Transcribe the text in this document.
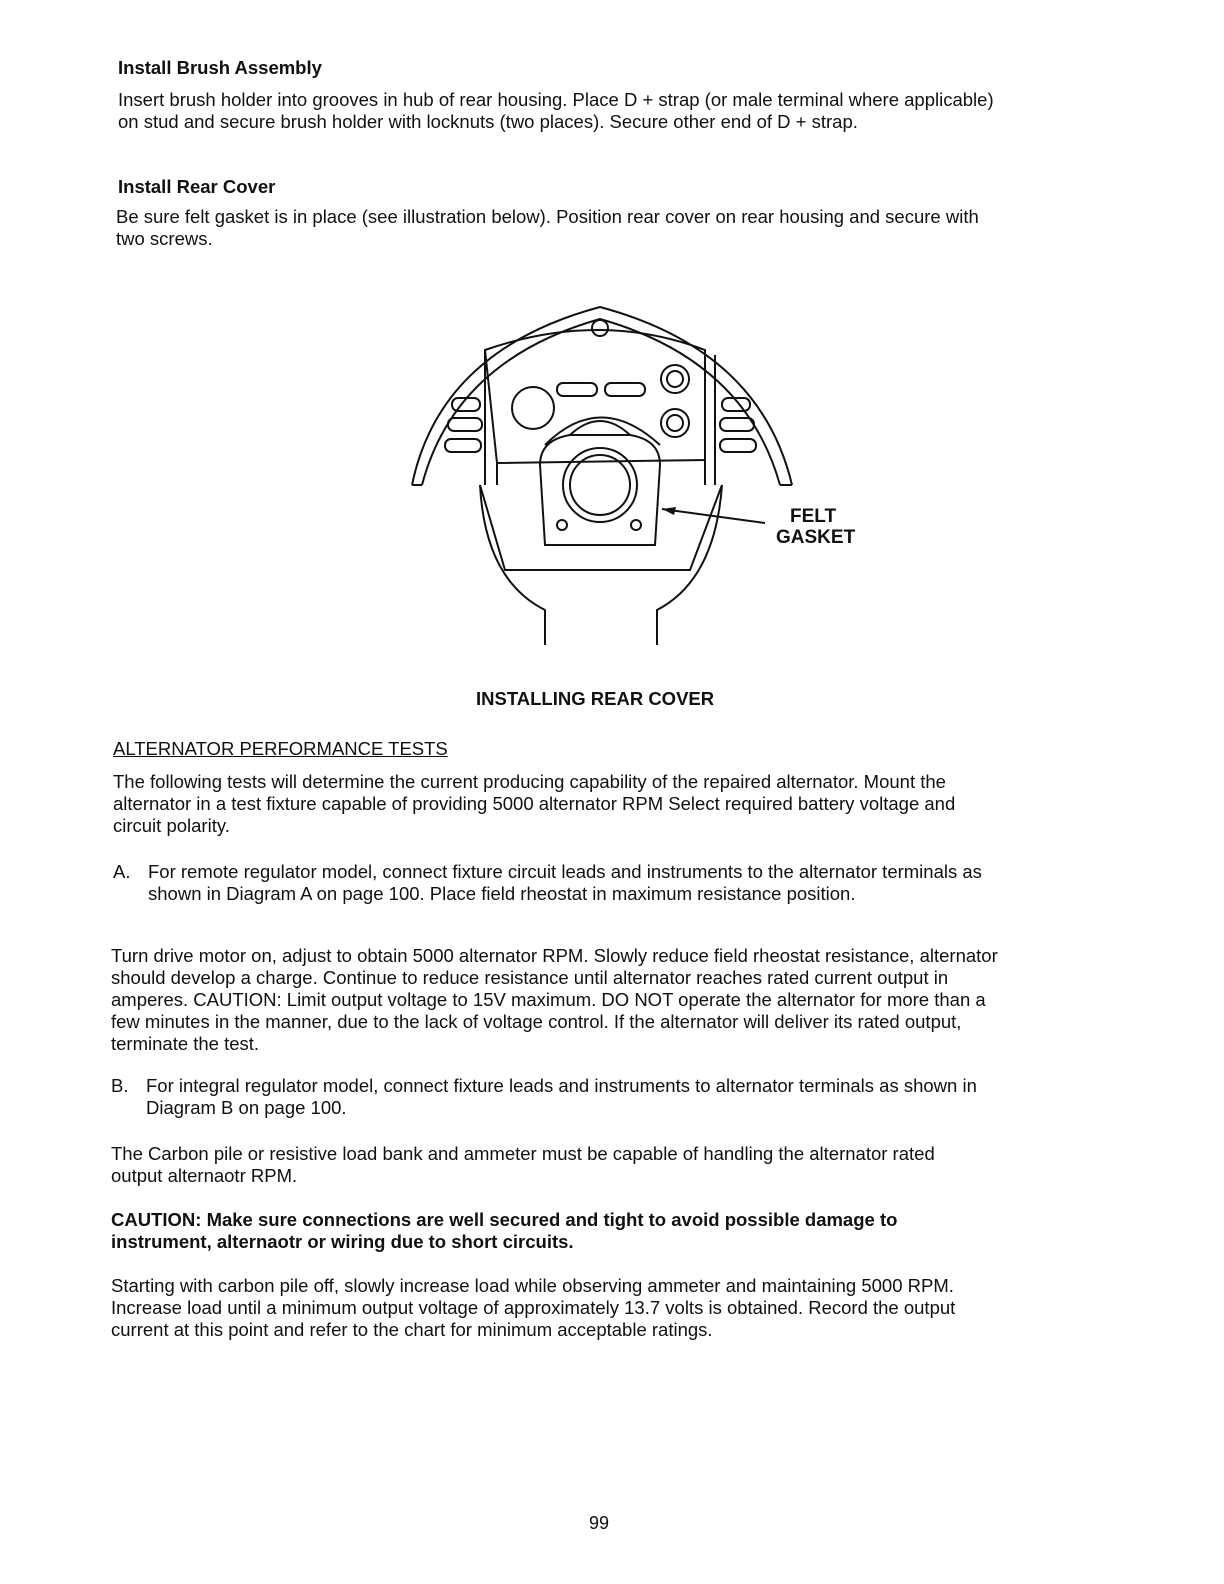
Install Brush Assembly

Insert brush holder into grooves in hub of rear housing. Place D + strap (or male terminal where applicable) on stud and secure brush holder with locknuts (two places). Secure other end of D + strap.

Install Rear Cover

Be sure felt gasket is in place (see illustration below). Position rear cover on rear housing and secure with two screws.

FELT
GASKET

INSTALLING REAR COVER

ALTERNATOR PERFORMANCE TESTS

The following tests will determine the current producing capability of the repaired alternator. Mount the alternator in a test fixture capable of providing 5000 alternator RPM Select required battery voltage and circuit polarity.

A. For remote regulator model, connect fixture circuit leads and instruments to the alternator terminals as shown in Diagram A on page 100. Place field rheostat in maximum resistance position.

Turn drive motor on, adjust to obtain 5000 alternator RPM. Slowly reduce field rheostat resistance, alternator should develop a charge. Continue to reduce resistance until alternator reaches rated current output in amperes. CAUTION: Limit output voltage to 15V maximum. DO NOT operate the alternator for more than a few minutes in the manner, due to the lack of voltage control. If the alternator will deliver its rated output, terminate the test.

B. For integral regulator model, connect fixture leads and instruments to alternator terminals as shown in Diagram B on page 100.

The Carbon pile or resistive load bank and ammeter must be capable of handling the alternator rated output alternaotr RPM.

CAUTION: Make sure connections are well secured and tight to avoid possible damage to instrument, alternaotr or wiring due to short circuits.

Starting with carbon pile off, slowly increase load while observing ammeter and maintaining 5000 RPM. Increase load until a minimum output voltage of approximately 13.7 volts is obtained. Record the output current at this point and refer to the chart for minimum acceptable ratings.

99
